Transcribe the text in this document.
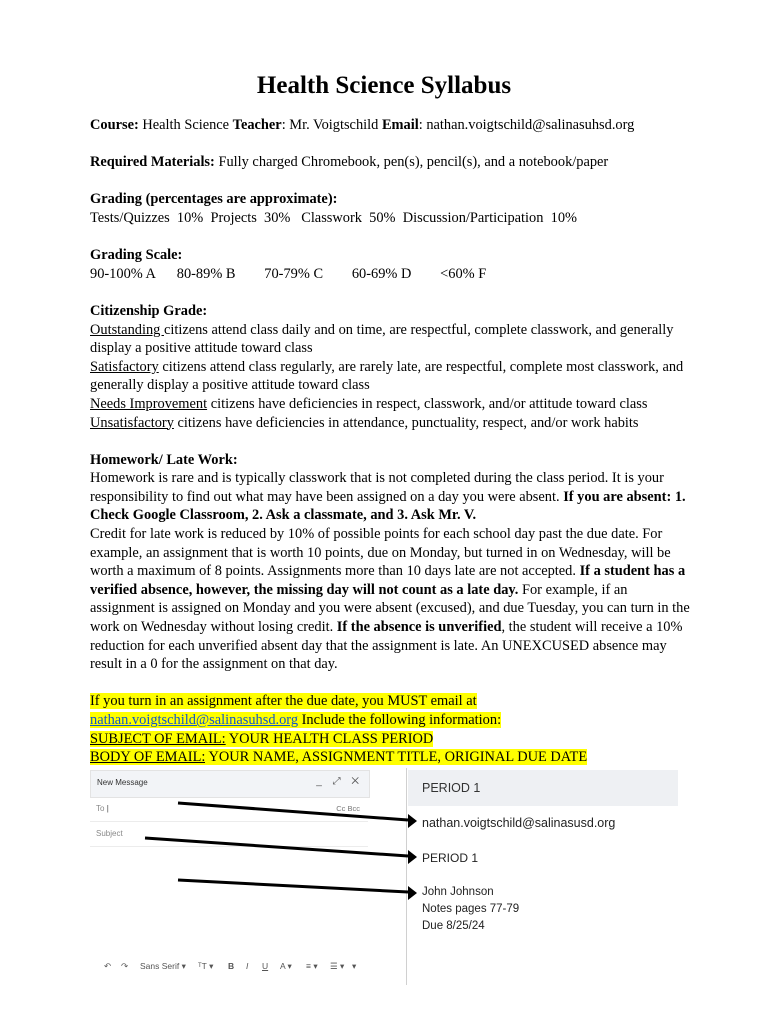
Health Science Syllabus

Course: Health Science Teacher: Mr. Voigtschild Email: nathan.voigtschild@salinasuhsd.org

Required Materials: Fully charged Chromebook, pen(s), pencil(s), and a notebook/paper

Grading (percentages are approximate):

Tests/Quizzes  10%  Projects  30%   Classwork  50%  Discussion/Participation  10%

Grading Scale:

90-100% A      80-89% B        70-79% C        60-69% D        <60% F

Citizenship Grade:

Outstanding citizens attend class daily and on time, are respectful, complete classwork, and generally display a positive attitude toward class

Satisfactory citizens attend class regularly, are rarely late, are respectful, complete most classwork, and generally display a positive attitude toward class

Needs Improvement citizens have deficiencies in respect, classwork, and/or attitude toward class

Unsatisfactory citizens have deficiencies in attendance, punctuality, respect, and/or work habits

Homework/ Late Work:

Homework is rare and is typically classwork that is not completed during the class period. It is your responsibility to find out what may have been assigned on a day you were absent. If you are absent: 1. Check Google Classroom, 2. Ask a classmate, and 3. Ask Mr. V.

Credit for late work is reduced by 10% of possible points for each school day past the due date. For example, an assignment that is worth 10 points, due on Monday, but turned in on Wednesday, will be worth a maximum of 8 points. Assignments more than 10 days late are not accepted. If a student has a verified absence, however, the missing day will not count as a late day. For example, if an assignment is assigned on Monday and you were absent (excused), and due Tuesday, you can turn in the work on Wednesday without losing credit. If the absence is unverified, the student will receive a 10% reduction for each unverified absent day that the assignment is late. An UNEXCUSED absence may result in a 0 for the assignment on that day.

If you turn in an assignment after the due date, you MUST email at
nathan.voigtschild@salinasuhsd.org Include the following information:
SUBJECT OF EMAIL: YOUR HEALTH CLASS PERIOD
BODY OF EMAIL: YOUR NAME, ASSIGNMENT TITLE, ORIGINAL DUE DATE

New Message	_ ⤢ ✕
To |	Cc Bcc
Subject
↶ ↷ Sans Serif ▾ ᵀT ▾ B I U A ▾ ≡ ▾ ☰ ▾ ▾
PERIOD 1
nathan.voigtschild@salinasusd.org
PERIOD 1
John Johnson
Notes pages 77-79
Due 8/25/24
